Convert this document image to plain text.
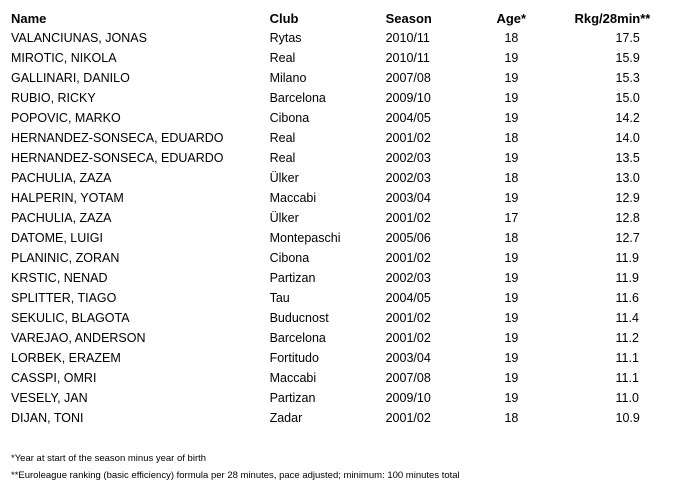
Name	Club	Season	Age*	Rkg/28min**
VALANCIUNAS, JONAS	Rytas	2010/11	18	17.5
MIROTIC, NIKOLA	Real	2010/11	19	15.9
GALLINARI, DANILO	Milano	2007/08	19	15.3
RUBIO, RICKY	Barcelona	2009/10	19	15.0
POPOVIC, MARKO	Cibona	2004/05	19	14.2
HERNANDEZ-SONSECA, EDUARDO	Real	2001/02	18	14.0
HERNANDEZ-SONSECA, EDUARDO	Real	2002/03	19	13.5
PACHULIA, ZAZA	Ülker	2002/03	18	13.0
HALPERIN, YOTAM	Maccabi	2003/04	19	12.9
PACHULIA, ZAZA	Ülker	2001/02	17	12.8
DATOME, LUIGI	Montepaschi	2005/06	18	12.7
PLANINIC, ZORAN	Cibona	2001/02	19	11.9
KRSTIC, NENAD	Partizan	2002/03	19	11.9
SPLITTER, TIAGO	Tau	2004/05	19	11.6
SEKULIC, BLAGOTA	Buducnost	2001/02	19	11.4
VAREJAO, ANDERSON	Barcelona	2001/02	19	11.2
LORBEK, ERAZEM	Fortitudo	2003/04	19	11.1
CASSPI, OMRI	Maccabi	2007/08	19	11.1
VESELY, JAN	Partizan	2009/10	19	11.0
DIJAN, TONI	Zadar	2001/02	18	10.9
*Year at start of the season minus year of birth
**Euroleague ranking (basic efficiency) formula per 28 minutes, pace adjusted; minimum: 100 minutes total
